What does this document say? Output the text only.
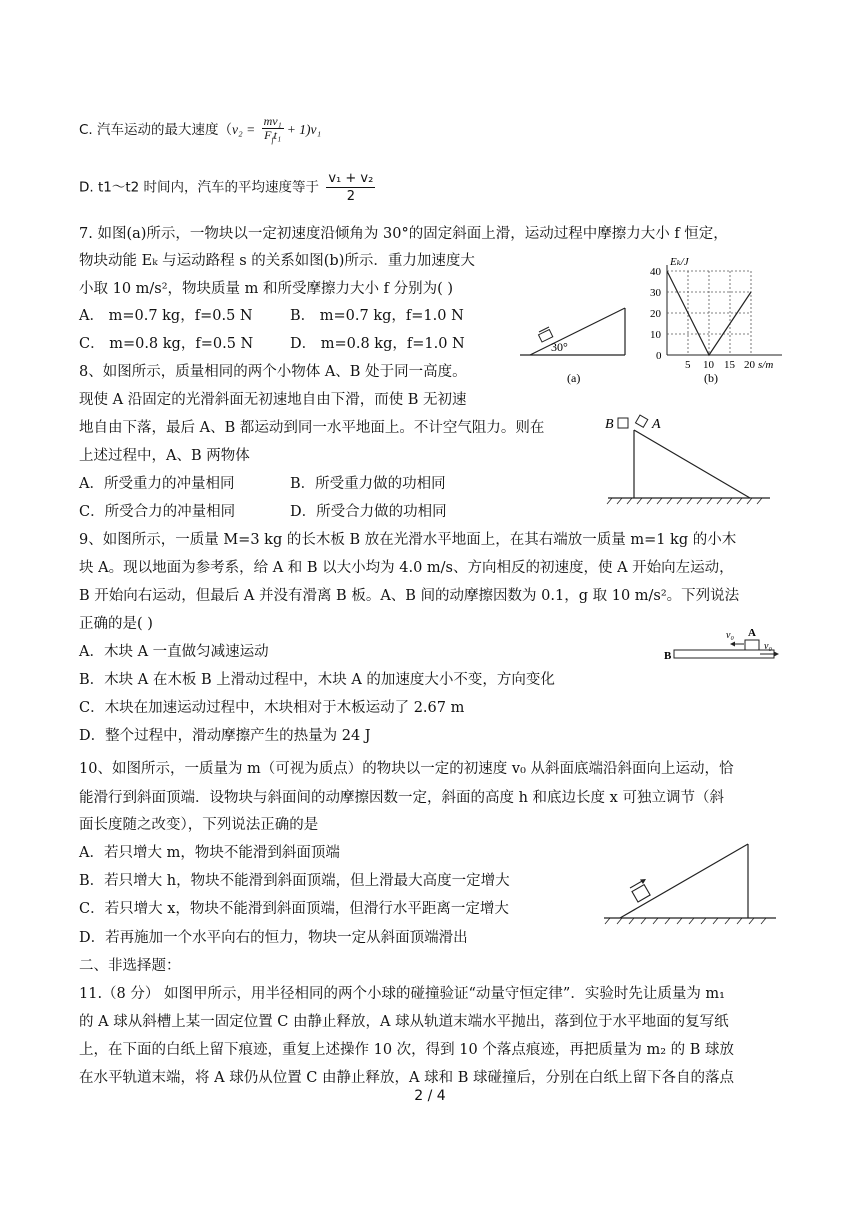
C. 汽车运动的最大速度$(v_2 = \frac{\text{mv₁}}{F_ft_1} + 1)v_1$
D. t1～t2 时间内，汽车的平均速度等于 $\frac{\text{v₁ + v₂}}{2}$
7. 如图(a)所示，一物块以一定初速度沿倾角为 30°的固定斜面上滑，运动过程中摩擦力大小 f 恒定，
物块动能 Eₖ 与运动路程 s 的关系如图(b)所示．重力加速度大
小取 10 m/s²，物块质量 m 和所受摩擦力大小 f 分别为( )
A． m=0.7 kg，f=0.5 N	B． m=0.7 kg，f=1.0 N
C． m=0.8 kg，f=0.5 N	D． m=0.8 kg，f=1.0 N	30°
(a)
Eₖ/J
40
30
20
10
0
5 10 15 20 s/m
(b)
8、如图所示，质量相同的两个小物体 A、B 处于同一高度。
现使 A 沿固定的光滑斜面无初速地自由下滑，而使 B 无初速
地自由下落，最后 A、B 都运动到同一水平地面上。不计空气阻力。则在
上述过程中，A、B 两物体
A．所受重力的冲量相同	B．所受重力做的功相同
C．所受合力的冲量相同	D．所受合力做的功相同
B	A
9、如图所示，一质量 M=3 kg 的长木板 B 放在光滑水平地面上，在其右端放一质量 m=1 kg 的小木
块 A。现以地面为参考系，给 A 和 B 以大小均为 4.0 m/s、方向相反的初速度，使 A 开始向左运动，
B 开始向右运动，但最后 A 并没有滑离 B 板。A、B 间的动摩擦因数为 0.1，g 取 10 m/s²。下列说法
正确的是( )
A．木块 A 一直做匀减速运动
B．木块 A 在木板 B 上滑动过程中，木块 A 的加速度大小不变，方向变化
C．木块在加速运动过程中，木块相对于木板运动了 2.67 m
D．整个过程中，滑动摩擦产生的热量为 24 J
B
A
v₀
v₀
10、如图所示，一质量为 m（可视为质点）的物块以一定的初速度 v₀ 从斜面底端沿斜面向上运动，恰
能滑行到斜面顶端．设物块与斜面间的动摩擦因数一定，斜面的高度 h 和底边长度 x 可独立调节（斜
面长度随之改变），下列说法正确的是
A．若只增大 m，物块不能滑到斜面顶端
B．若只增大 h，物块不能滑到斜面顶端，但上滑最大高度一定增大
C．若只增大 x，物块不能滑到斜面顶端，但滑行水平距离一定增大
D．若再施加一个水平向右的恒力，物块一定从斜面顶端滑出
二、非选择题：
11.（8 分） 如图甲所示，用半径相同的两个小球的碰撞验证“动量守恒定律”．实验时先让质量为 m₁
的 A 球从斜槽上某一固定位置 C 由静止释放，A 球从轨道末端水平抛出，落到位于水平地面的复写纸
上，在下面的白纸上留下痕迹，重复上述操作 10 次，得到 10 个落点痕迹，再把质量为 m₂ 的 B 球放
在水平轨道末端，将 A 球仍从位置 C 由静止释放，A 球和 B 球碰撞后，分别在白纸上留下各自的落点
2 / 4
